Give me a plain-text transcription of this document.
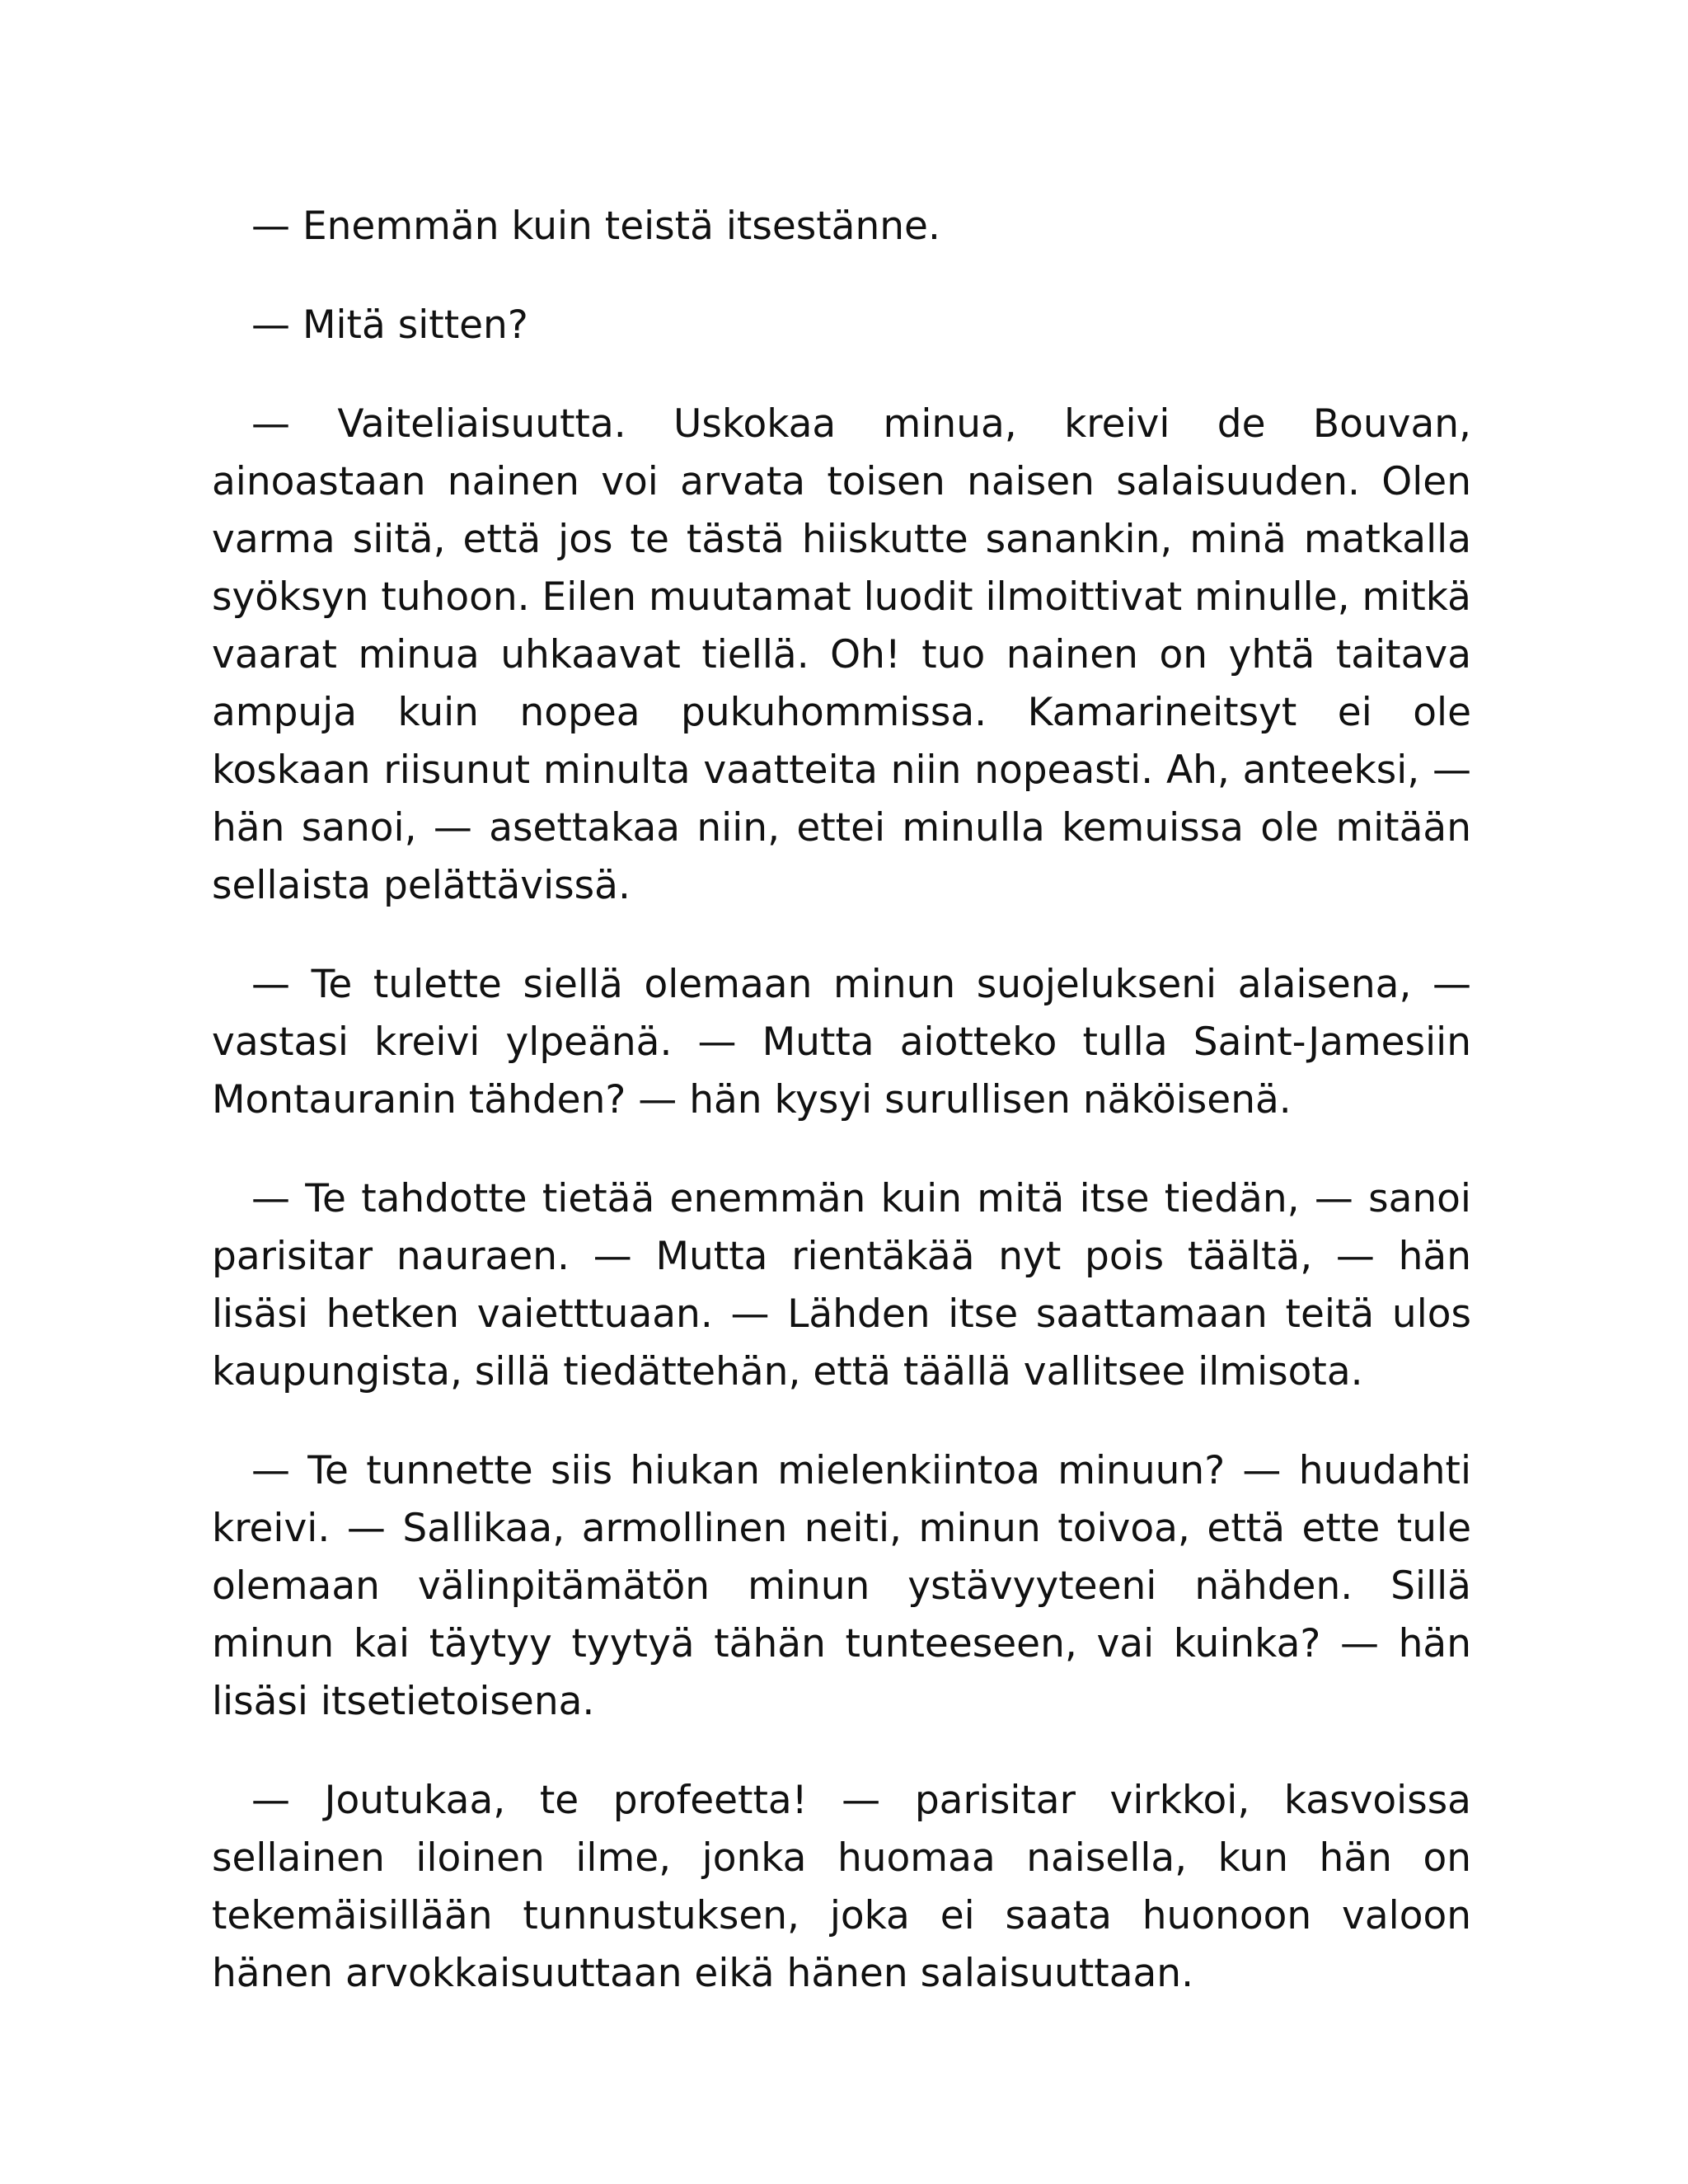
— Enemmän kuin teistä itsestänne.

— Mitä sitten?

— Vaiteliaisuutta. Uskokaa minua, kreivi de Bouvan, ainoastaan nainen voi arvata toisen naisen salaisuuden. Olen varma siitä, että jos te tästä hiiskutte sanankin, minä matkalla syöksyn tuhoon. Eilen muutamat luodit ilmoittivat minulle, mitkä vaarat minua uhkaavat tiellä. Oh! tuo nainen on yhtä taitava ampuja kuin nopea pukuhommissa. Kamarineitsyt ei ole koskaan riisunut minulta vaatteita niin nopeasti. Ah, anteeksi, — hän sanoi, — asettakaa niin, ettei minulla kemuissa ole mitään sellaista pelättävissä.

— Te tulette siellä olemaan minun suojelukseni alaisena, — vastasi kreivi ylpeänä. — Mutta aiotteko tulla Saint-Jamesiin Montauranin tähden? — hän kysyi surullisen näköisenä.

— Te tahdotte tietää enemmän kuin mitä itse tiedän, — sanoi parisitar nauraen. — Mutta rientäkää nyt pois täältä, — hän lisäsi hetken vaietttuaan. — Lähden itse saattamaan teitä ulos kaupungista, sillä tiedättehän, että täällä vallitsee ilmisota.

— Te tunnette siis hiukan mielenkiintoa minuun? — huudahti kreivi. — Sallikaa, armollinen neiti, minun toivoa, että ette tule olemaan välinpitämätön minun ystävyyteeni nähden. Sillä minun kai täytyy tyytyä tähän tunteeseen, vai kuinka? — hän lisäsi itsetietoisena.

— Joutukaa, te profeetta! — parisitar virkkoi, kasvoissa sellainen iloinen ilme, jonka huomaa naisella, kun hän on tekemäisillään tunnustuksen, joka ei saata huonoon valoon hänen arvokkaisuuttaan eikä hänen salaisuuttaan.
